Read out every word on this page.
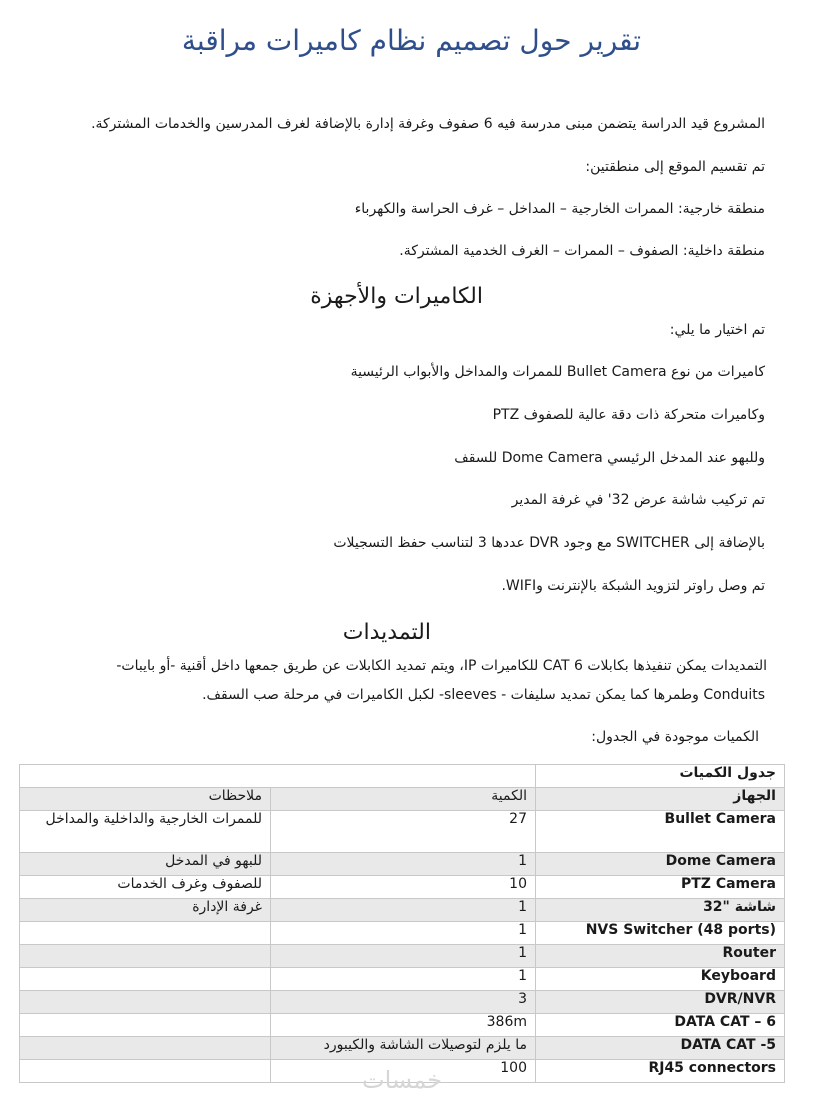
تقرير حول تصميم نظام كاميرات مراقبة
المشروع قيد الدراسة يتضمن مبنى مدرسة فيه 6 صفوف وغرفة إدارة بالإضافة لغرف المدرسين والخدمات المشتركة.
تم تقسيم الموقع إلى منطقتين:
منطقة خارجية: الممرات الخارجية – المداخل – غرف الحراسة والكهرباء
منطقة داخلية: الصفوف – الممرات – الغرف الخدمية المشتركة.
الكاميرات والأجهزة
تم اختيار ما يلي:
كاميرات من نوع Bullet Camera للممرات والمداخل والأبواب الرئيسية
وكاميرات متحركة ذات دقة عالية للصفوف PTZ
وللبهو عند المدخل الرئيسي Dome Camera للسقف
تم تركيب شاشة عرض 32' في غرفة المدير
بالإضافة إلى SWITCHER مع وجود DVR عددها 3 لتناسب حفظ التسجيلات
تم وصل راوتر لتزويد الشبكة بالإنترنت وWIFI.
التمديدات
التمديدات يمكن تنفيذها بكابلات CAT 6 للكاميرات IP، ويتم تمديد الكابلات عن طريق جمعها داخل أقنية -أو بايبات-
Conduits وطمرها كما يمكن تمديد سليفات - sleeves- لكبل الكاميرات في مرحلة صب السقف.
الكميات موجودة في الجدول:
جدول الكميات		
الجهاز	الكمية	ملاحظات
Bullet Camera	27	للممرات الخارجية والداخلية والمداخل
Dome Camera	1	للبهو في المدخل
PTZ Camera	10	للصفوف وغرف الخدمات
شاشة "32	1	غرفة الإدارة
NVS Switcher (48 ports)	1	
Router	1	
Keyboard	1	
DVR/NVR	3	
DATA CAT – 6	386m	
DATA CAT -5	ما يلزم لتوصيلات الشاشة والكيبورد	
RJ45 connectors	100	
خمسات
